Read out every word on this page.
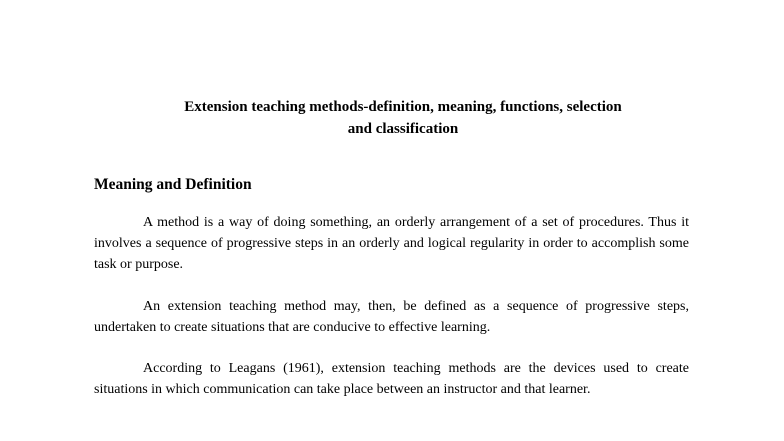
Extension teaching methods-definition, meaning, functions, selection
and classification
Meaning and Definition

A method is a way of doing something, an orderly arrangement of a set of procedures. Thus it involves a sequence of progressive steps in an orderly and logical regularity in order to accomplish some task or purpose.

An extension teaching method may, then, be defined as a sequence of progressive steps, undertaken to create situations that are conducive to effective learning.

According to Leagans (1961), extension teaching methods are the devices used to create situations in which communication can take place between an instructor and that learner.
